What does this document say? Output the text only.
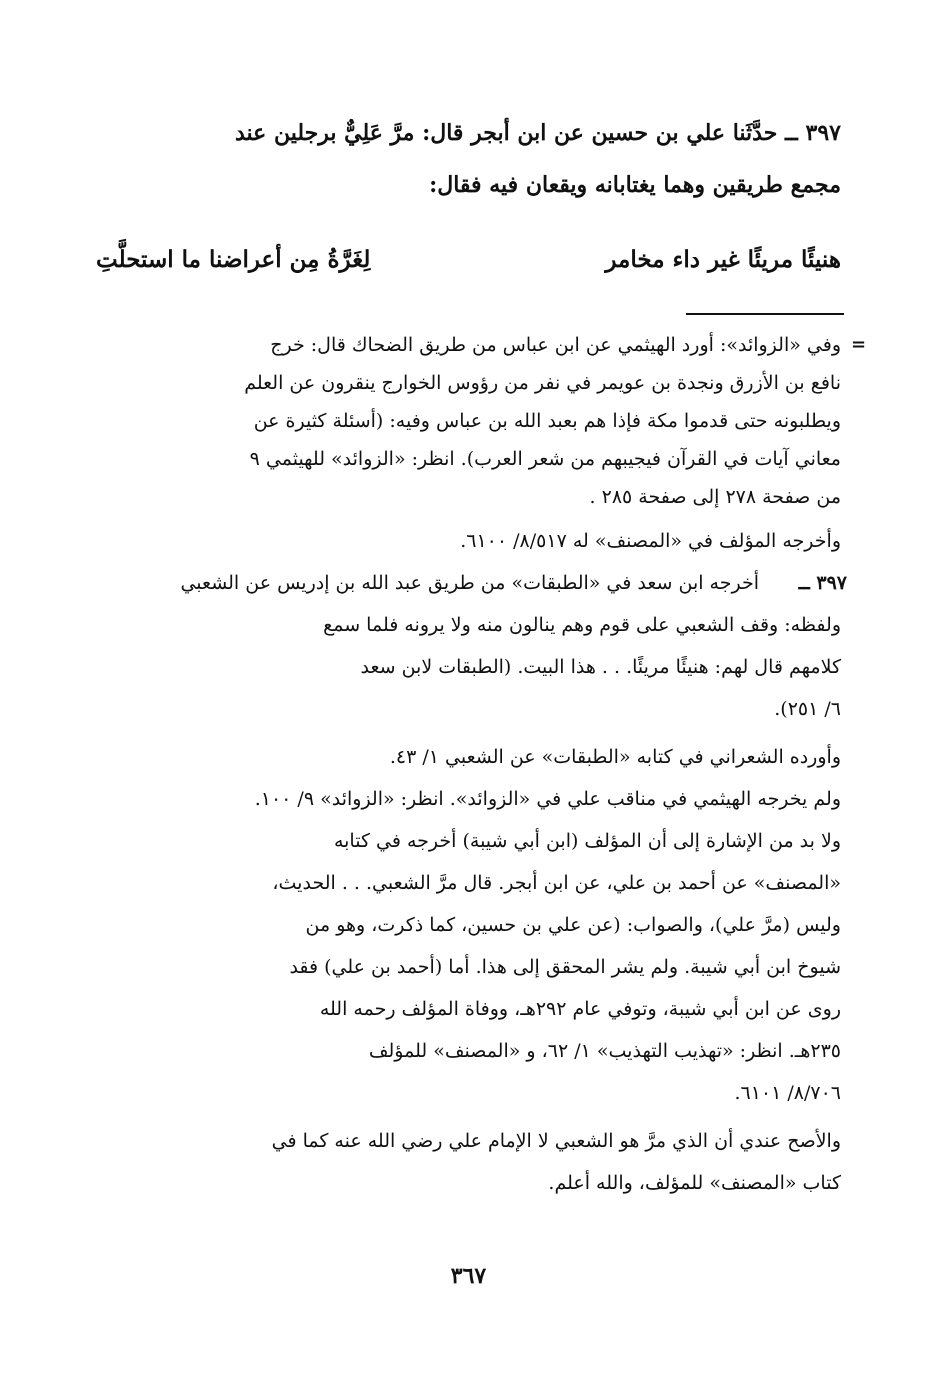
٣٩٧ ــ حدَّثَنا علي بن حسين عن ابن أبجر قال: مرَّ عَلِيٌّ برجلين عند
مجمع طريقين وهما يغتابانه ويقعان فيه فقال:
هنيئًا مريئًا غير داء مخامر
لِغَرَّةُ مِن أعراضنا ما استحلَّتِ
=
وفي «الزوائد»: أورد الهيثمي عن ابن عباس من طريق الضحاك قال: خرج
نافع بن الأزرق ونجدة بن عويمر في نفر من رؤوس الخوارج ينقرون عن العلم
ويطلبونه حتى قدموا مكة فإذا هم بعبد الله بن عباس وفيه: (أسئلة كثيرة عن
معاني آيات في القرآن فيجيبهم من شعر العرب). انظر: «الزوائد» للهيثمي ٩
من صفحة ٢٧٨ إلى صفحة ٢٨٥ .
وأخرجه المؤلف في «المصنف» له ٨/٥١٧/ ٦١٠٠.
٣٩٧ ــ
أخرجه ابن سعد في «الطبقات» من طريق عبد الله بن إدريس عن الشعبي
ولفظه: وقف الشعبي على قوم وهم ينالون منه ولا يرونه فلما سمع
كلامهم قال لهم: هنيئًا مريئًا. . . هذا البيت. (الطبقات لابن سعد
٦/ ٢٥١).
وأورده الشعراني في كتابه «الطبقات» عن الشعبي ١/ ٤٣.
ولم يخرجه الهيثمي في مناقب علي في «الزوائد». انظر: «الزوائد» ٩/ ١٠٠.
ولا بد من الإشارة إلى أن المؤلف (ابن أبي شيبة) أخرجه في كتابه
«المصنف» عن أحمد بن علي، عن ابن أبجر. قال مرَّ الشعبي. . . الحديث،
وليس (مرَّ علي)، والصواب: (عن علي بن حسين، كما ذكرت، وهو من
شيوخ ابن أبي شيبة. ولم يشر المحقق إلى هذا. أما (أحمد بن علي) فقد
روى عن ابن أبي شيبة، وتوفي عام ٢٩٢هـ، ووفاة المؤلف رحمه الله
٢٣٥هـ. انظر: «تهذيب التهذيب» ١/ ٦٢، و «المصنف» للمؤلف
٨/٧٠٦/ ٦١٠١.
والأصح عندي أن الذي مرَّ هو الشعبي لا الإمام علي رضي الله عنه كما في
كتاب «المصنف» للمؤلف، والله أعلم.
٣٦٧
